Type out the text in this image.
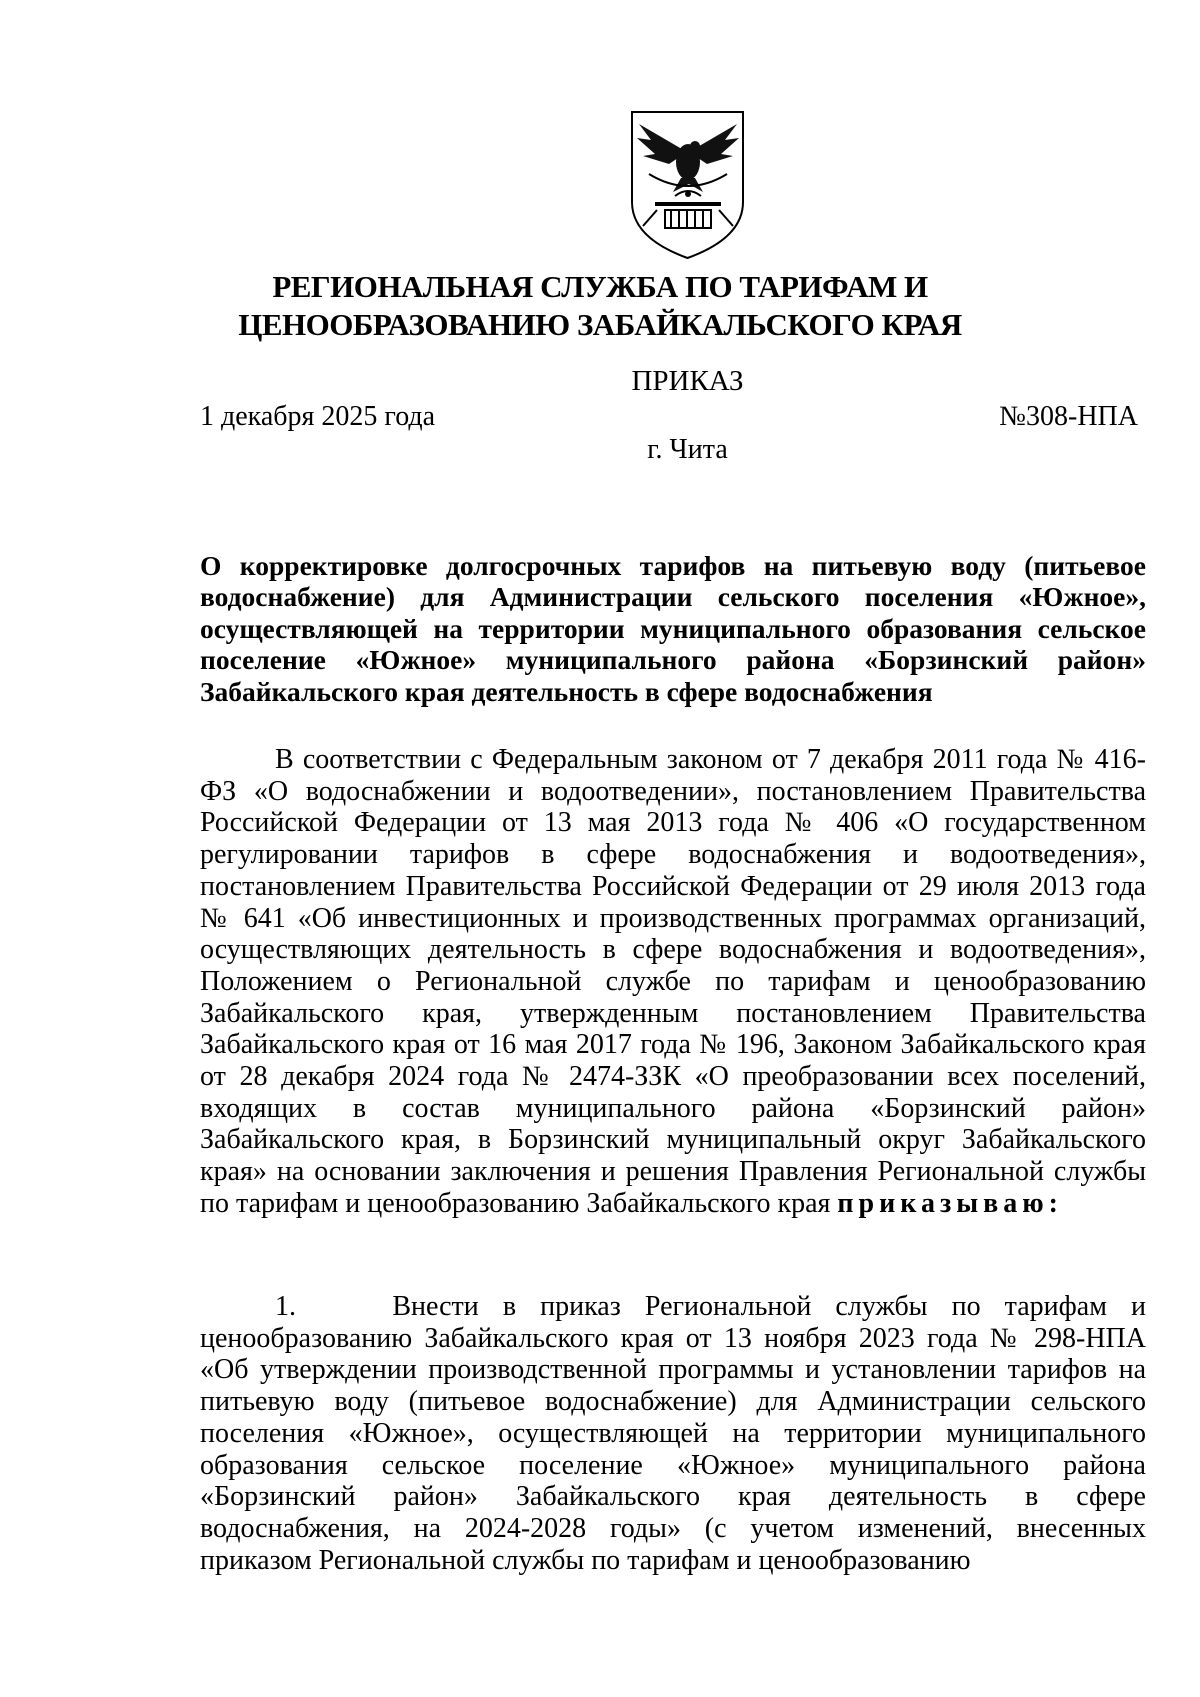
РЕГИОНАЛЬНАЯ СЛУЖБА ПО ТАРИФАМ И ЦЕНООБРАЗОВАНИЮ ЗАБАЙКАЛЬСКОГО КРАЯ
ПРИКАЗ
1 декабря 2025 года	№308-НПА
г. Чита
О корректировке долгосрочных тарифов на питьевую воду (питьевое водоснабжение) для Администрации сельского поселения «Южное», осуществляющей на территории муниципального образования сельское поселение «Южное» муниципального района «Борзинский район» Забайкальского края деятельность в сфере водоснабжения
В соответствии с Федеральным законом от 7 декабря 2011 года № 416-ФЗ «О водоснабжении и водоотведении», постановлением Правительства Российской Федерации от 13 мая 2013 года № 406 «О государственном регулировании тарифов в сфере водоснабжения и водоотведения», постановлением Правительства Российской Федерации от 29 июля 2013 года № 641 «Об инвестиционных и производственных программах организаций, осуществляющих деятельность в сфере водоснабжения и водоотведения», Положением о Региональной службе по тарифам и ценообразованию Забайкальского края, утвержденным постановлением Правительства Забайкальского края от 16 мая 2017 года № 196, Законом Забайкальского края от 28 декабря 2024 года № 2474-ЗЗК «О преобразовании всех поселений, входящих в состав муниципального района «Борзинский район» Забайкальского края, в Борзинский муниципальный округ Забайкальского края» на основании заключения и решения Правления Региональной службы по тарифам и ценообразованию Забайкальского края приказываю:
1.    Внести в приказ Региональной службы по тарифам и ценообразованию Забайкальского края от 13 ноября 2023 года № 298-НПА «Об утверждении производственной программы и установлении тарифов на питьевую воду (питьевое водоснабжение) для Администрации сельского поселения «Южное», осуществляющей на территории муниципального образования сельское поселение «Южное» муниципального района «Борзинский район» Забайкальского края деятельность в сфере водоснабжения, на 2024-2028 годы» (с учетом изменений, внесенных приказом Региональной службы по тарифам и ценообразованию
